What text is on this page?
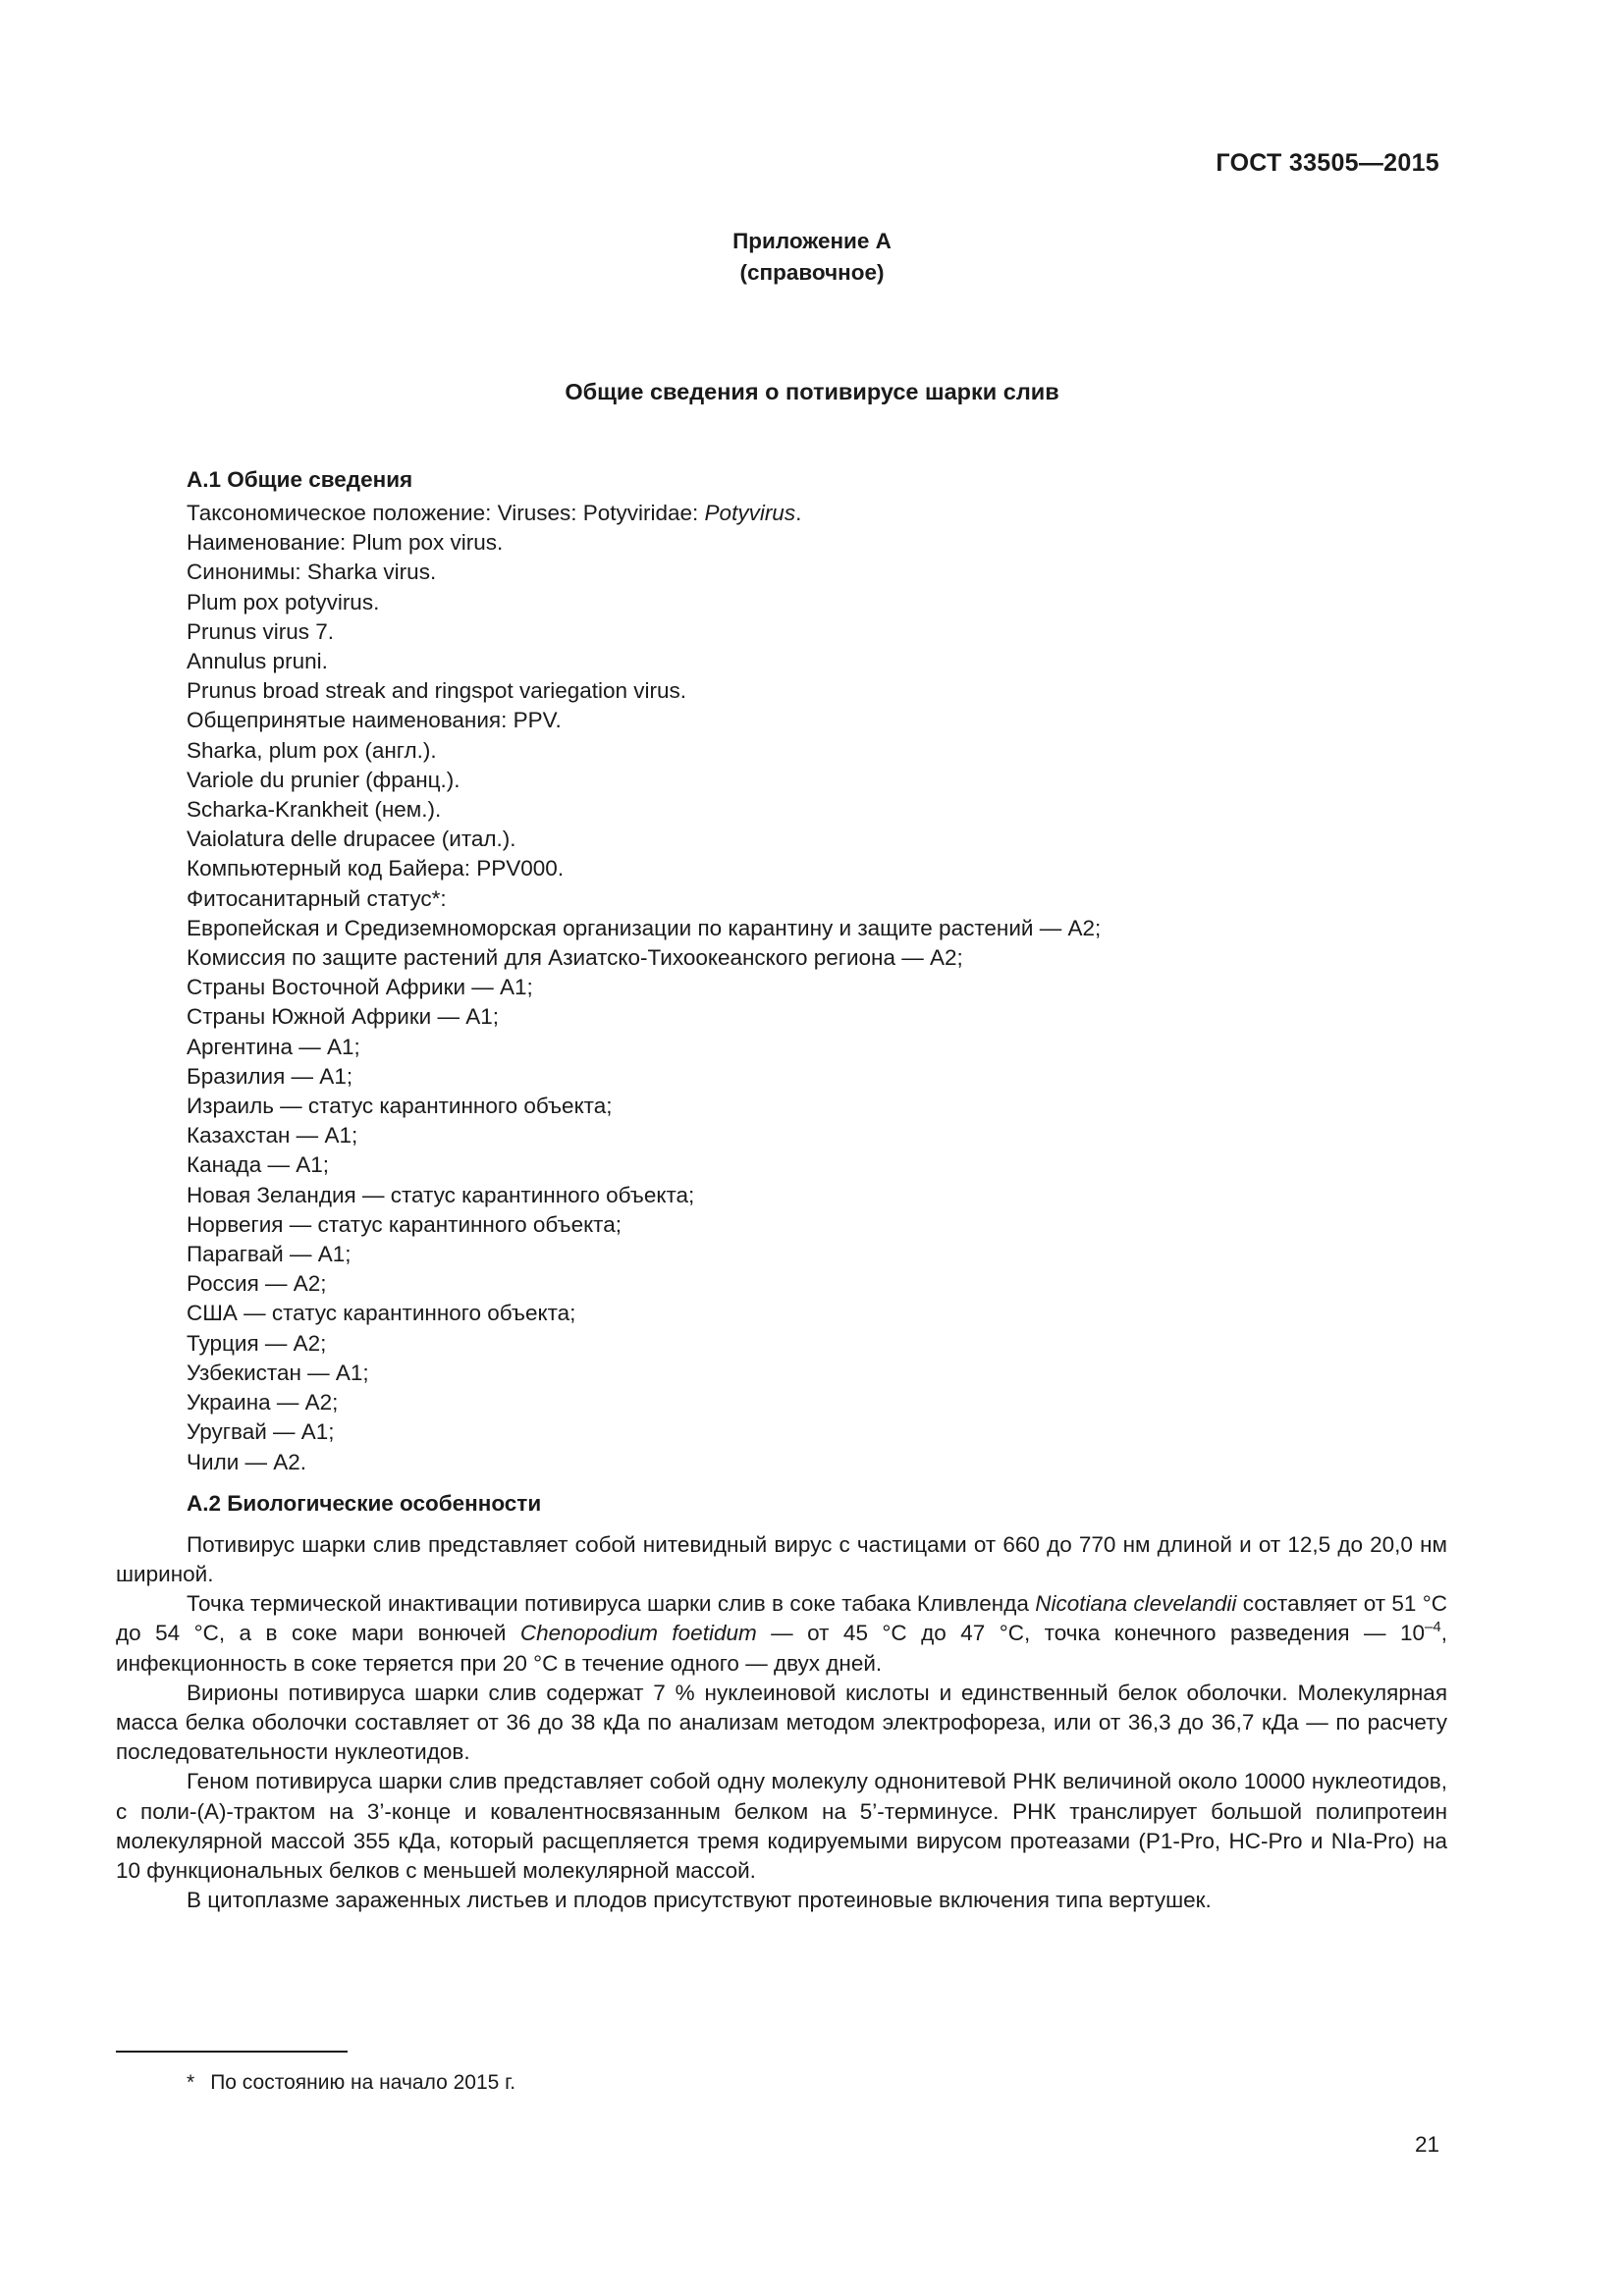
ГОСТ 33505—2015
Приложение А
(справочное)
Общие сведения о потивирусе шарки слив
А.1 Общие сведения
Таксономическое положение: Viruses: Potyviridae: Potyvirus.
Наименование: Plum pox virus.
Синонимы: Sharka virus.
Plum pox potyvirus.
Prunus virus 7.
Annulus pruni.
Prunus broad streak and ringspot variegation virus.
Общепринятые наименования: PPV.
Sharka, plum pox (англ.).
Variole du prunier (франц.).
Scharka-Krankheit (нем.).
Vaiolatura delle drupacee (итал.).
Компьютерный код Байера: PPV000.
Фитосанитарный статус*:
Европейская и Средиземноморская организации по карантину и защите растений — А2;
Комиссия по защите растений для Азиатско-Тихоокеанского региона — А2;
Страны Восточной Африки — А1;
Страны Южной Африки — А1;
Аргентина — А1;
Бразилия — А1;
Израиль — статус карантинного объекта;
Казахстан — А1;
Канада — А1;
Новая Зеландия — статус карантинного объекта;
Норвегия — статус карантинного объекта;
Парагвай — А1;
Россия — А2;
США — статус карантинного объекта;
Турция — А2;
Узбекистан — А1;
Украина — А2;
Уругвай — А1;
Чили — А2.
А.2 Биологические особенности
Потивирус шарки слив представляет собой нитевидный вирус с частицами от 660 до 770 нм длиной и от 12,5 до 20,0 нм шириной.
Точка термической инактивации потивируса шарки слив в соке табака Кливленда Nicotiana clevelandii составляет от 51 °С до 54 °С, а в соке мари вонючей Chenopodium foetidum — от 45 °С до 47 °С, точка конечного разведения — $10^{-4}$, инфекционность в соке теряется при 20 °С в течение одного — двух дней.
Вирионы потивируса шарки слив содержат 7 % нуклеиновой кислоты и единственный белок оболочки. Молекулярная масса белка оболочки составляет от 36 до 38 кДа по анализам методом электрофореза, или от 36,3 до 36,7 кДа — по расчету последовательности нуклеотидов.
Геном потивируса шарки слив представляет собой одну молекулу однонитевой РНК величиной около 10000 нуклеотидов, с поли-(А)-трактом на 3’-конце и ковалентносвязанным белком на 5’-терминусе. РНК транслирует большой полипротеин молекулярной массой 355 кДа, который расщепляется тремя кодируемыми вирусом протеазами (P1-Pro, HC-Pro и NIa-Pro) на 10 функциональных белков с меньшей молекулярной массой.
В цитоплазме зараженных листьев и плодов присутствуют протеиновые включения типа вертушек.
* По состоянию на начало 2015 г.
21
